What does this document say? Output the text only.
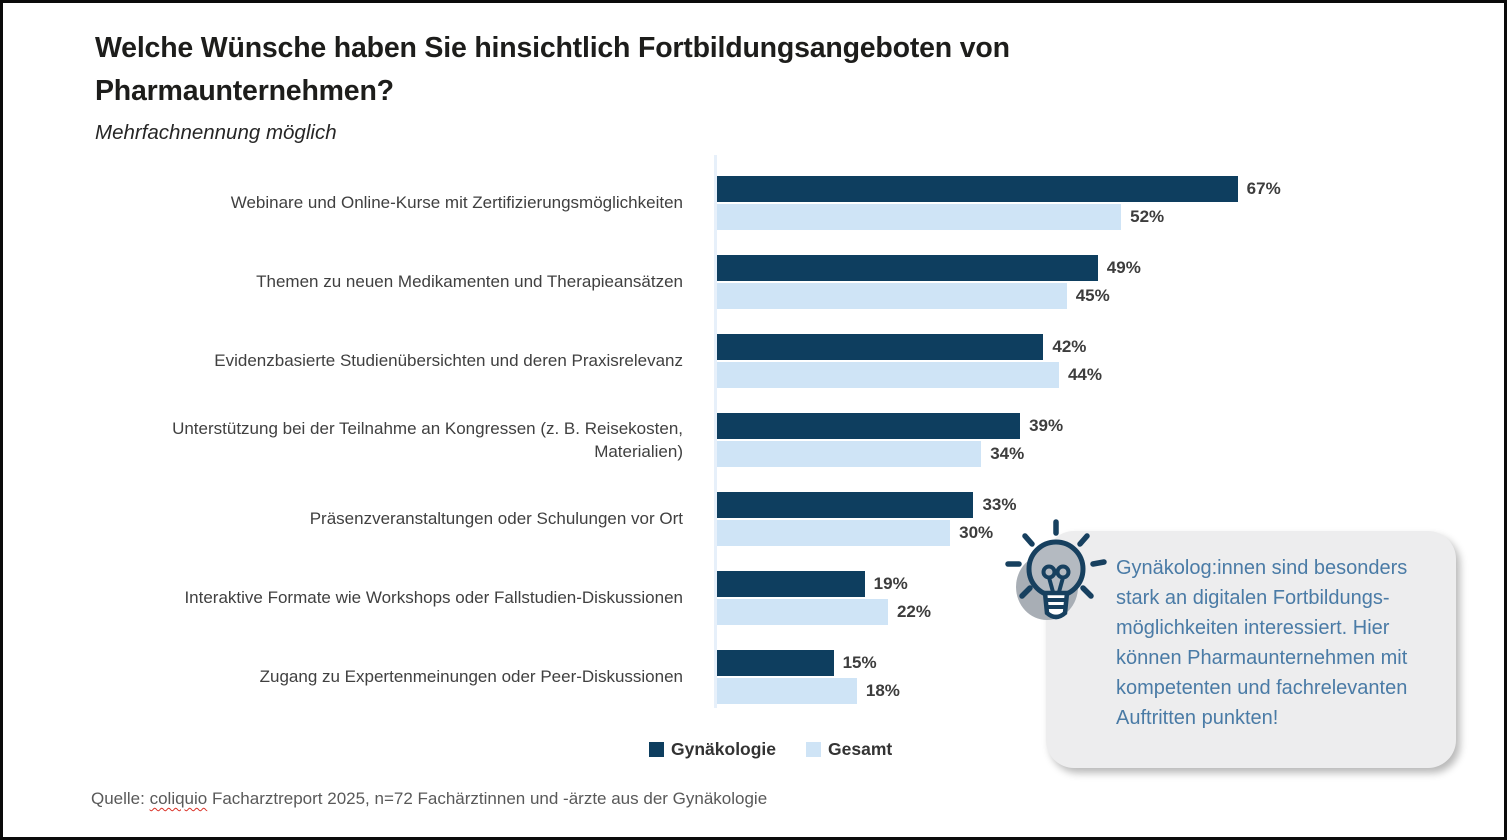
Welche Wünsche haben Sie hinsichtlich Fortbildungsangeboten von Pharmaunternehmen?
Mehrfachnennung möglich
Webinare und Online-Kurse mit Zertifizierungsmöglichkeiten
67%
52%
Themen zu neuen Medikamenten und Therapieansätzen
49%
45%
Evidenzbasierte Studienübersichten und deren Praxisrelevanz
42%
44%
Unterstützung bei der Teilnahme an Kongressen (z. B. Reisekosten, Materialien)
39%
34%
Präsenzveranstaltungen oder Schulungen vor Ort
33%
30%
Interaktive Formate wie Workshops oder Fallstudien-Diskussionen
19%
22%
Zugang zu Expertenmeinungen oder Peer-Diskussionen
15%
18%
Gynäkologie	Gesamt
Gynäkolog:innen sind besonders
stark an digitalen Fortbildungs-
möglichkeiten interessiert. Hier
können Pharmaunternehmen mit
kompetenten und fachrelevanten
Auftritten punkten!
Quelle: coliquio Facharztreport 2025, n=72 Fachärztinnen und -ärzte aus der Gynäkologie
